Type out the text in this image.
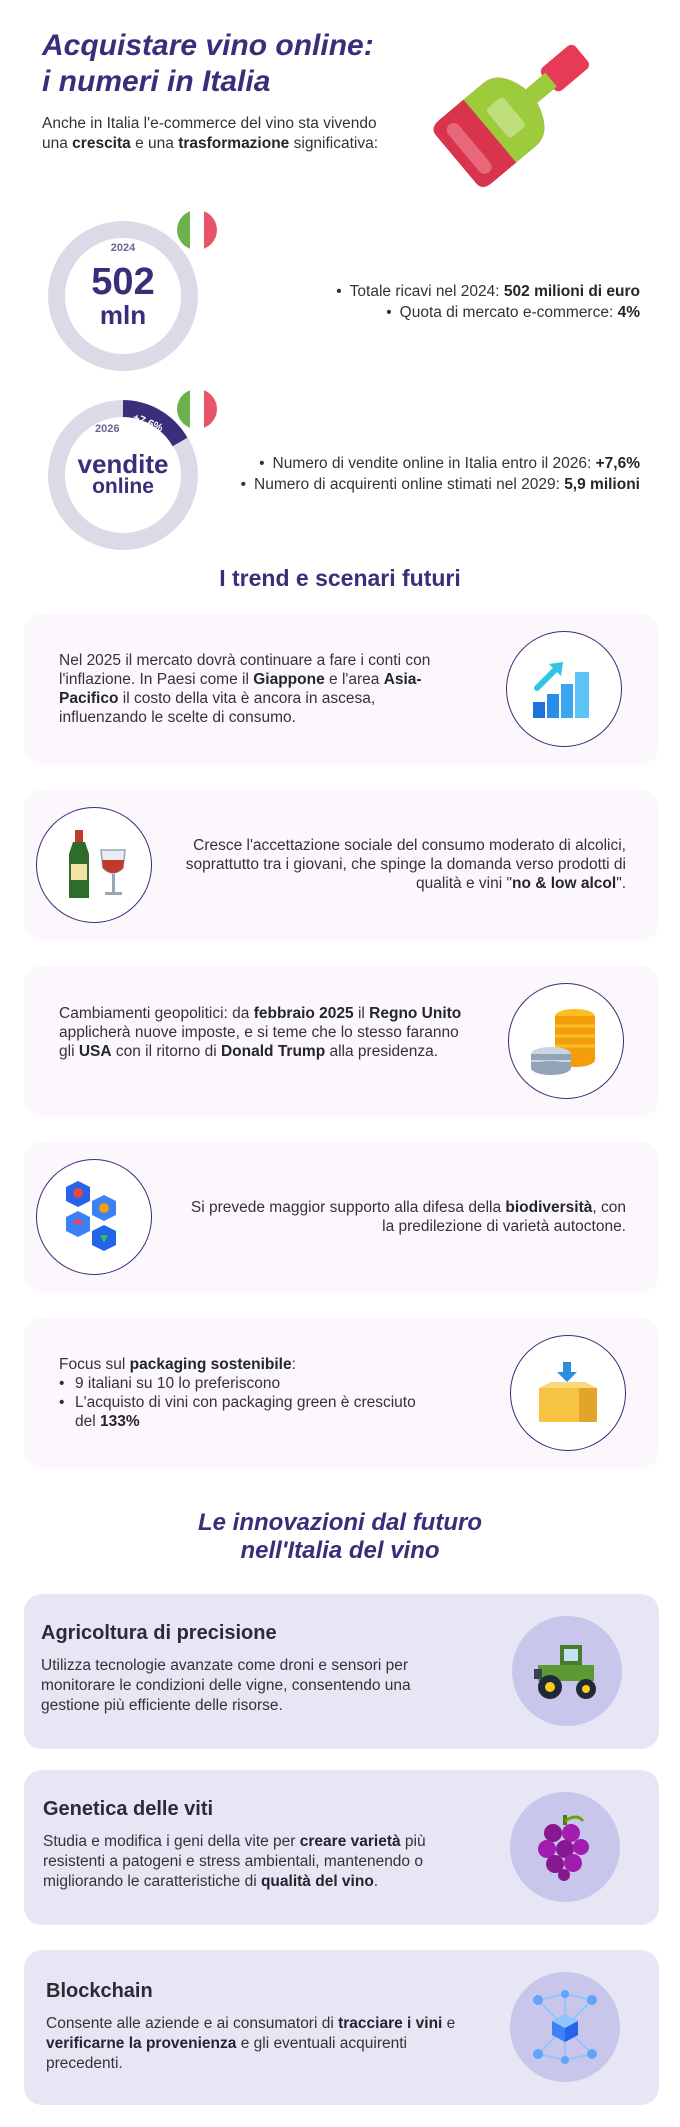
Acquistare vino online:
i numeri in Italia

Anche in Italia l'e-commerce del vino sta vivendo una crescita e una trasformazione significativa:

2024
502
mln
• Totale ricavi nel 2024: 502 milioni di euro
• Quota di mercato e-commerce: 4%
2026
vendite
online
+7,6%
• Numero di vendite online in Italia entro il 2026: +7,6%
• Numero di acquirenti online stimati nel 2029: 5,9 milioni
I trend e scenari futuri

Nel 2025 il mercato dovrà continuare a fare i conti con l'inflazione. In Paesi come il Giappone e l'area Asia-Pacifico il costo della vita è ancora in ascesa, influenzando le scelte di consumo.

Cresce l'accettazione sociale del consumo moderato di alcolici, soprattutto tra i giovani, che spinge la domanda verso prodotti di qualità e vini "no & low alcol".

Cambiamenti geopolitici: da febbraio 2025 il Regno Unito applicherà nuove imposte, e si teme che lo stesso faranno gli USA con il ritorno di Donald Trump alla presidenza.

Si prevede maggior supporto alla difesa della biodiversità, con la predilezione di varietà autoctone.

Focus sul packaging sostenibile:

• 9 italiani su 10 lo preferiscono
• L'acquisto di vini con packaging green è cresciuto del 133%
Le innovazioni dal futuro
nell'Italia del vino
Agricoltura di precisione

Utilizza tecnologie avanzate come droni e sensori per monitorare le condizioni delle vigne, consentendo una gestione più efficiente delle risorse.

Genetica delle viti

Studia e modifica i geni della vite per creare varietà più resistenti a patogeni e stress ambientali, mantenendo o migliorando le caratteristiche di qualità del vino.

Blockchain

Consente alle aziende e ai consumatori di tracciare i vini e verificarne la provenienza e gli eventuali acquirenti precedenti.
